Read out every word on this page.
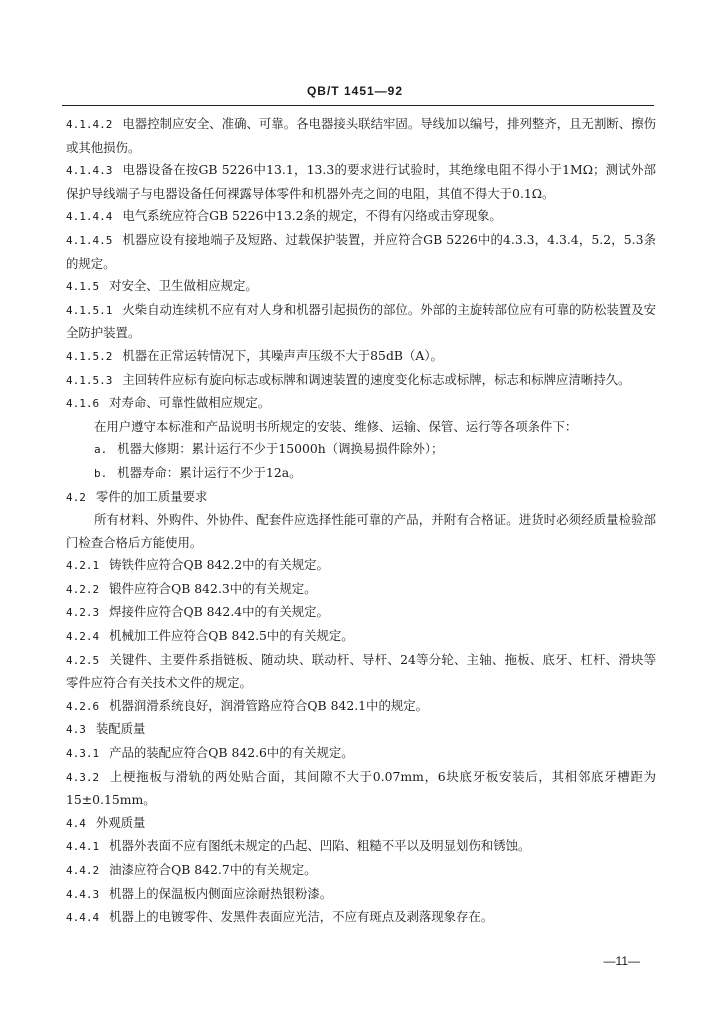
QB/T 1451—92

4.1.4.2 电器控制应安全、准确、可靠。各电器接头联结牢固。导线加以编号，排列整齐，且无割断、擦伤或其他损伤。

4.1.4.3 电器设备在按GB 5226中13.1，13.3的要求进行试验时，其绝缘电阻不得小于1MΩ；测试外部保护导线端子与电器设备任何裸露导体零件和机器外壳之间的电阻，其值不得大于0.1Ω。

4.1.4.4 电气系统应符合GB 5226中13.2条的规定，不得有闪络或击穿现象。

4.1.4.5 机器应设有接地端子及短路、过载保护装置，并应符合GB 5226中的4.3.3，4.3.4，5.2，5.3条的规定。

4.1.5 对安全、卫生做相应规定。

4.1.5.1 火柴自动连续机不应有对人身和机器引起损伤的部位。外部的主旋转部位应有可靠的防松装置及安全防护装置。

4.1.5.2 机器在正常运转情况下，其噪声声压级不大于85dB（A）。

4.1.5.3 主回转件应标有旋向标志或标牌和调速装置的速度变化标志或标牌，标志和标牌应清晰持久。

4.1.6 对寿命、可靠性做相应规定。

在用户遵守本标准和产品说明书所规定的安装、维修、运输、保管、运行等各项条件下：

a. 机器大修期：累计运行不少于15000h（调换易损件除外）；

b. 机器寿命：累计运行不少于12a。

4.2 零件的加工质量要求

所有材料、外购件、外协件、配套件应选择性能可靠的产品，并附有合格证。进货时必须经质量检验部门检查合格后方能使用。

4.2.1 铸铁件应符合QB 842.2中的有关规定。

4.2.2 锻件应符合QB 842.3中的有关规定。

4.2.3 焊接件应符合QB 842.4中的有关规定。

4.2.4 机械加工件应符合QB 842.5中的有关规定。

4.2.5 关键件、主要件系指链板、随动块、联动杆、导杆、24等分轮、主轴、拖板、底牙、杠杆、滑块等零件应符合有关技术文件的规定。

4.2.6 机器润滑系统良好，润滑管路应符合QB 842.1中的规定。

4.3 装配质量

4.3.1 产品的装配应符合QB 842.6中的有关规定。

4.3.2 上梗拖板与滑轨的两处贴合面，其间隙不大于0.07mm，6块底牙板安装后，其相邻底牙槽距为15±0.15mm。

4.4 外观质量

4.4.1 机器外表面不应有图纸未规定的凸起、凹陷、粗糙不平以及明显划伤和锈蚀。

4.4.2 油漆应符合QB 842.7中的有关规定。

4.4.3 机器上的保温板内侧面应涂耐热银粉漆。

4.4.4 机器上的电镀零件、发黑件表面应光洁，不应有斑点及剥落现象存在。

—11—
